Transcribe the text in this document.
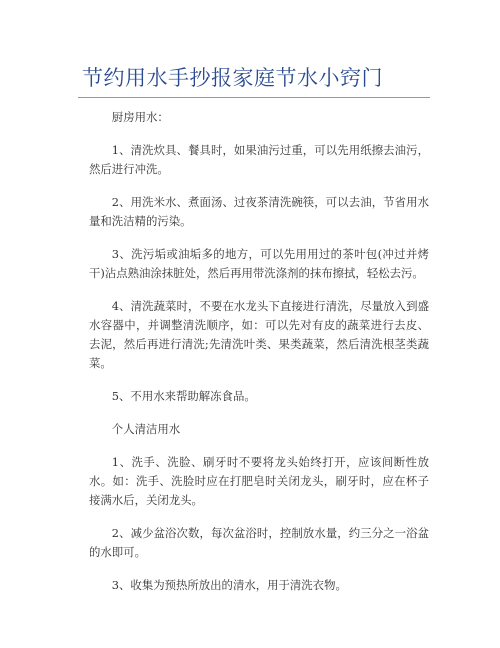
节约用水手抄报家庭节水小窍门

厨房用水：

1、清洗炊具、餐具时，如果油污过重，可以先用纸擦去油污，然后进行冲洗。

2、用洗米水、煮面汤、过夜茶清洗碗筷，可以去油，节省用水量和洗洁精的污染。

3、洗污垢或油垢多的地方，可以先用用过的茶叶包(冲过并烤干)沾点熟油涂抹脏处，然后再用带洗涤剂的抹布擦拭，轻松去污。

4、清洗蔬菜时，不要在水龙头下直接进行清洗，尽量放入到盛水容器中，并调整清洗顺序，如：可以先对有皮的蔬菜进行去皮、去泥，然后再进行清洗;先清洗叶类、果类蔬菜，然后清洗根茎类蔬菜。

5、不用水来帮助解冻食品。

个人清洁用水

1、洗手、洗脸、刷牙时不要将龙头始终打开，应该间断性放水。如：洗手、洗脸时应在打肥皂时关闭龙头，刷牙时，应在杯子接满水后，关闭龙头。

2、减少盆浴次数，每次盆浴时，控制放水量，约三分之一浴盆的水即可。

3、收集为预热所放出的清水，用于清洗衣物。
